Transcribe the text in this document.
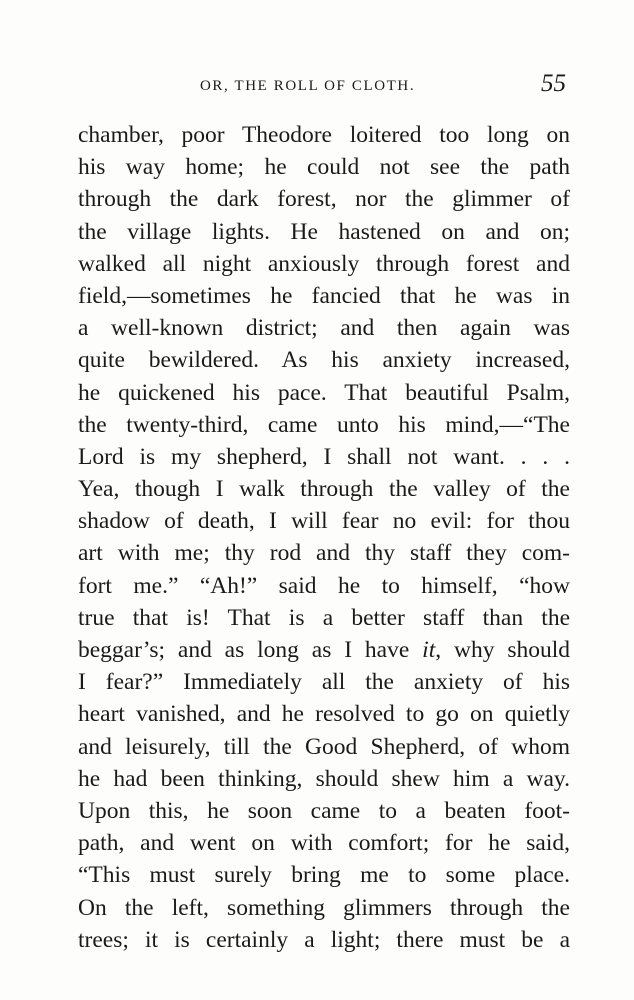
OR, THE ROLL OF CLOTH.	55
chamber, poor Theodore loitered too long on
his way home; he could not see the path
through the dark forest, nor the glimmer of
the village lights. He hastened on and on;
walked all night anxiously through forest and
field,—sometimes he fancied that he was in
a well-known district; and then again was
quite bewildered. As his anxiety increased,
he quickened his pace. That beautiful Psalm,
the twenty-third, came unto his mind,—“The
Lord is my shepherd, I shall not want. . . .
Yea, though I walk through the valley of the
shadow of death, I will fear no evil: for thou
art with me; thy rod and thy staff they com-
fort me.” “Ah!” said he to himself, “how
true that is! That is a better staff than the
beggar’s; and as long as I have it, why should
I fear?” Immediately all the anxiety of his
heart vanished, and he resolved to go on quietly
and leisurely, till the Good Shepherd, of whom
he had been thinking, should shew him a way.
Upon this, he soon came to a beaten foot-
path, and went on with comfort; for he said,
“This must surely bring me to some place.
On the left, something glimmers through the
trees; it is certainly a light; there must be a
